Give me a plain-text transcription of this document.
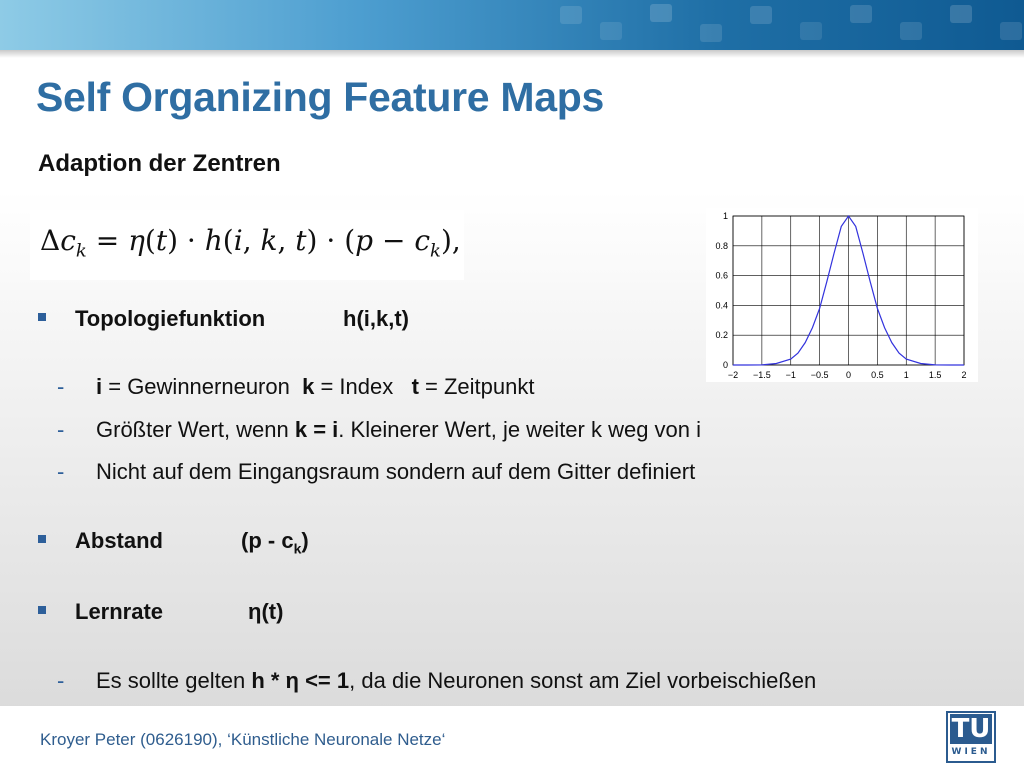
Self Organizing Feature Maps
Adaption der Zentren
$\Delta c_k = \eta(t) \cdot h(i$, k, $t) \cdot (p - c_k)$,
−2 −1.5 −1 −0.5 0 0.5 1 1.5 2
0
0.2
0.4
0.6
0.8
1
Topologiefunktion	h(i,k,t)
- i = Gewinnerneuron  k = Index   t = Zeitpunkt
- Größter Wert, wenn k = i. Kleinerer Wert, je weiter k weg von i
- Nicht auf dem Eingangsraum sondern auf dem Gitter definiert
Abstand	$(p - c_k)$
Lernrate	η(t)
- Es sollte gelten h * η <= 1, da die Neuronen sonst am Ziel vorbeischießen
Kroyer Peter (0626190), ‘Künstliche Neuronale Netze‘	TU
WIEN
